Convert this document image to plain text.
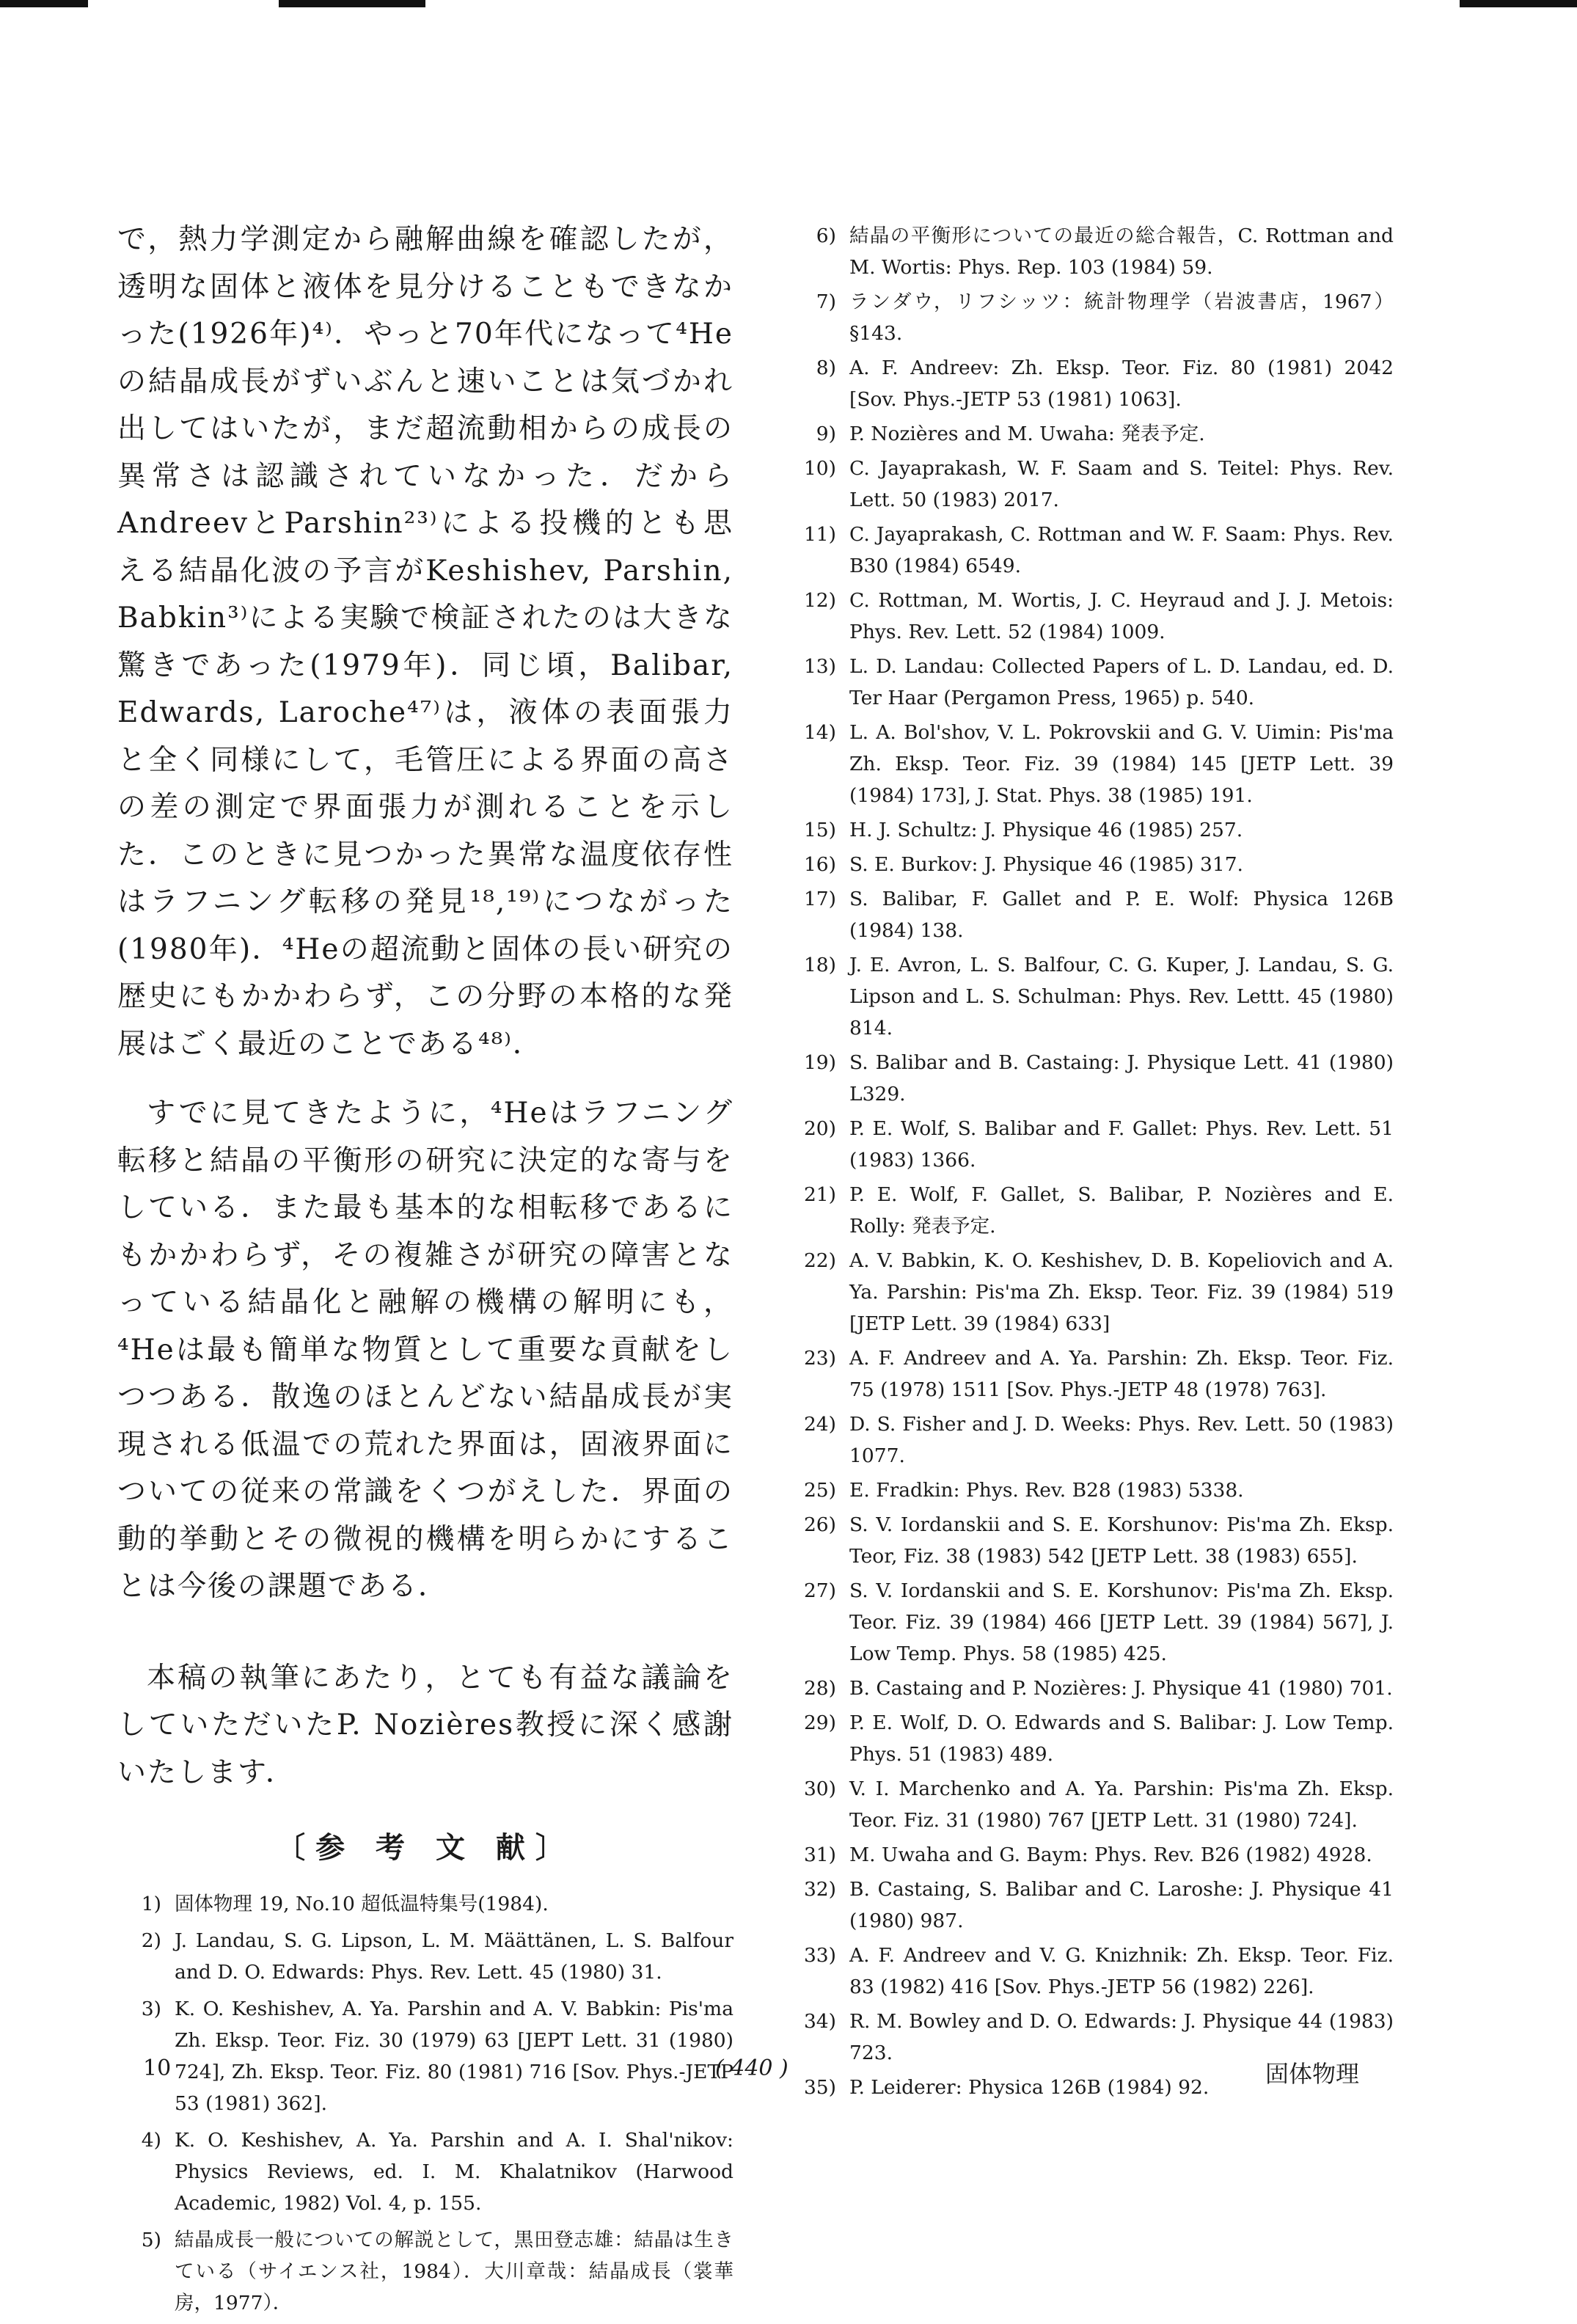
で，熱力学測定から融解曲線を確認したが，透明な固体と液体を見分けることもできなかった(1926年)⁴⁾．やっと70年代になって⁴Heの結晶成長がずいぶんと速いことは気づかれ出してはいたが，まだ超流動相からの成長の異常さは認識されていなかった．だからAndreevとParshin²³⁾による投機的とも思える結晶化波の予言がKeshishev, Parshin, Babkin³⁾による実験で検証されたのは大きな驚きであった(1979年)．同じ頃，Balibar, Edwards, Laroche⁴⁷⁾は，液体の表面張力と全く同様にして，毛管圧による界面の高さの差の測定で界面張力が測れることを示した．このときに見つかった異常な温度依存性はラフニング転移の発見¹⁸,¹⁹⁾につながった(1980年)．⁴Heの超流動と固体の長い研究の歴史にもかかわらず，この分野の本格的な発展はごく最近のことである⁴⁸⁾．

すでに見てきたように，⁴Heはラフニング転移と結晶の平衡形の研究に決定的な寄与をしている．また最も基本的な相転移であるにもかかわらず，その複雑さが研究の障害となっている結晶化と融解の機構の解明にも，⁴Heは最も簡単な物質として重要な貢献をしつつある．散逸のほとんどない結晶成長が実現される低温での荒れた界面は，固液界面についての従来の常識をくつがえした．界面の動的挙動とその微視的機構を明らかにすることは今後の課題である．

本稿の執筆にあたり，とても有益な議論をしていただいたP. Nozières教授に深く感謝いたします．

〔参 考 文 献〕
1) 固体物理 19, No.10 超低温特集号(1984).
2) J. Landau, S. G. Lipson, L. M. Määttänen, L. S. Balfour and D. O. Edwards: Phys. Rev. Lett. 45 (1980) 31.
3) K. O. Keshishev, A. Ya. Parshin and A. V. Babkin: Pis'ma Zh. Eksp. Teor. Fiz. 30 (1979) 63 [JEPT Lett. 31 (1980) 724], Zh. Eksp. Teor. Fiz. 80 (1981) 716 [Sov. Phys.-JETP 53 (1981) 362].
4) K. O. Keshishev, A. Ya. Parshin and A. I. Shal'nikov: Physics Reviews, ed. I. M. Khalatnikov (Harwood Academic, 1982) Vol. 4, p. 155.
5) 結晶成長一般についての解説として，黒田登志雄：結晶は生きている（サイエンス社，1984）．大川章哉：結晶成長（裳華房，1977）．
6) 結晶の平衡形についての最近の総合報告，C. Rottman and M. Wortis: Phys. Rep. 103 (1984) 59.
7) ランダウ，リフシッツ：統計物理学（岩波書店，1967）§143.
8) A. F. Andreev: Zh. Eksp. Teor. Fiz. 80 (1981) 2042 [Sov. Phys.-JETP 53 (1981) 1063].
9) P. Nozières and M. Uwaha: 発表予定.
10) C. Jayaprakash, W. F. Saam and S. Teitel: Phys. Rev. Lett. 50 (1983) 2017.
11) C. Jayaprakash, C. Rottman and W. F. Saam: Phys. Rev. B30 (1984) 6549.
12) C. Rottman, M. Wortis, J. C. Heyraud and J. J. Metois: Phys. Rev. Lett. 52 (1984) 1009.
13) L. D. Landau: Collected Papers of L. D. Landau, ed. D. Ter Haar (Pergamon Press, 1965) p. 540.
14) L. A. Bol'shov, V. L. Pokrovskii and G. V. Uimin: Pis'ma Zh. Eksp. Teor. Fiz. 39 (1984) 145 [JETP Lett. 39 (1984) 173], J. Stat. Phys. 38 (1985) 191.
15) H. J. Schultz: J. Physique 46 (1985) 257.
16) S. E. Burkov: J. Physique 46 (1985) 317.
17) S. Balibar, F. Gallet and P. E. Wolf: Physica 126B (1984) 138.
18) J. E. Avron, L. S. Balfour, C. G. Kuper, J. Landau, S. G. Lipson and L. S. Schulman: Phys. Rev. Lettt. 45 (1980) 814.
19) S. Balibar and B. Castaing: J. Physique Lett. 41 (1980) L329.
20) P. E. Wolf, S. Balibar and F. Gallet: Phys. Rev. Lett. 51 (1983) 1366.
21) P. E. Wolf, F. Gallet, S. Balibar, P. Nozières and E. Rolly: 発表予定.
22) A. V. Babkin, K. O. Keshishev, D. B. Kopeliovich and A. Ya. Parshin: Pis'ma Zh. Eksp. Teor. Fiz. 39 (1984) 519 [JETP Lett. 39 (1984) 633]
23) A. F. Andreev and A. Ya. Parshin: Zh. Eksp. Teor. Fiz. 75 (1978) 1511 [Sov. Phys.-JETP 48 (1978) 763].
24) D. S. Fisher and J. D. Weeks: Phys. Rev. Lett. 50 (1983) 1077.
25) E. Fradkin: Phys. Rev. B28 (1983) 5338.
26) S. V. Iordanskii and S. E. Korshunov: Pis'ma Zh. Eksp. Teor, Fiz. 38 (1983) 542 [JETP Lett. 38 (1983) 655].
27) S. V. Iordanskii and S. E. Korshunov: Pis'ma Zh. Eksp. Teor. Fiz. 39 (1984) 466 [JETP Lett. 39 (1984) 567], J. Low Temp. Phys. 58 (1985) 425.
28) B. Castaing and P. Nozières: J. Physique 41 (1980) 701.
29) P. E. Wolf, D. O. Edwards and S. Balibar: J. Low Temp. Phys. 51 (1983) 489.
30) V. I. Marchenko and A. Ya. Parshin: Pis'ma Zh. Eksp. Teor. Fiz. 31 (1980) 767 [JETP Lett. 31 (1980) 724].
31) M. Uwaha and G. Baym: Phys. Rev. B26 (1982) 4928.
32) B. Castaing, S. Balibar and C. Laroshe: J. Physique 41 (1980) 987.
33) A. F. Andreev and V. G. Knizhnik: Zh. Eksp. Teor. Fiz. 83 (1982) 416 [Sov. Phys.-JETP 56 (1982) 226].
34) R. M. Bowley and D. O. Edwards: J. Physique 44 (1983) 723.
35) P. Leiderer: Physica 126B (1984) 92.
10	( 440 )	固体物理
